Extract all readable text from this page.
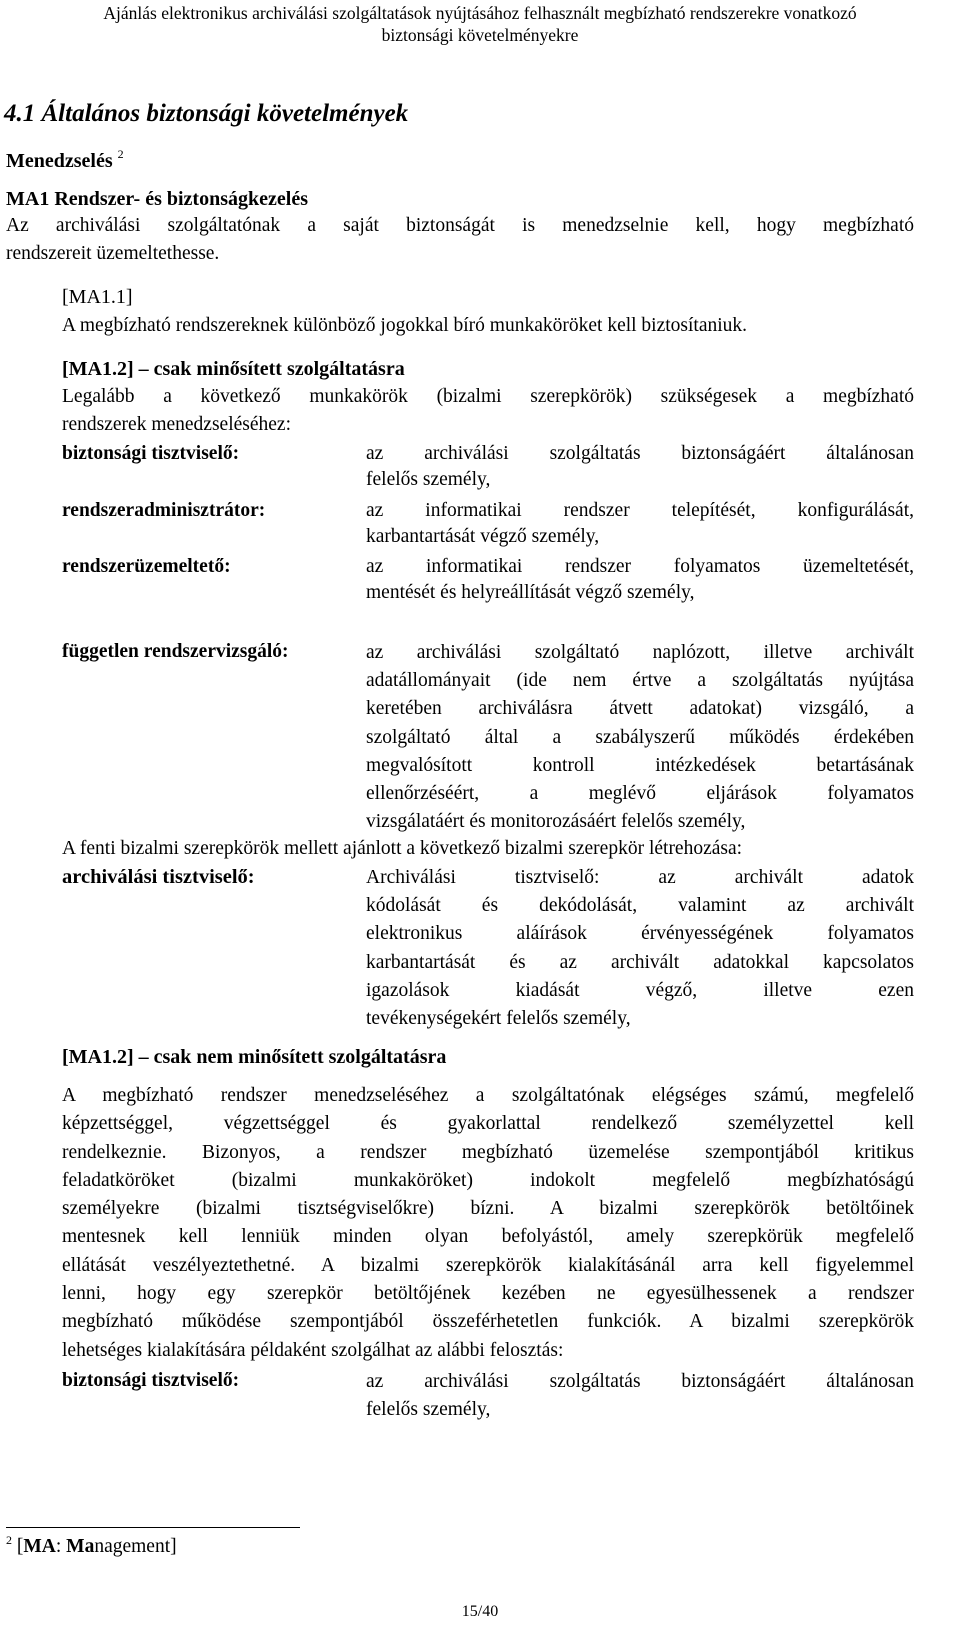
Ajánlás elektronikus archiválási szolgáltatások nyújtásához felhasznált megbízható rendszerekre vonatkozó
biztonsági követelményekre
4.1 Általános biztonsági követelmények
Menedzselés $^2$
MA1 Rendszer- és biztonságkezelés
Az archiválási szolgáltatónak a saját biztonságát is menedzselnie kell, hogy megbízható
rendszereit üzemeltethesse.
[MA1.1]
A megbízható rendszereknek különböző jogokkal bíró munkaköröket kell biztosítaniuk.
[MA1.2] – csak minősített szolgáltatásra
Legalább a következő munkakörök (bizalmi szerepkörök) szükségesek a megbízható
rendszerek menedzseléséhez:
biztonsági tisztviselő:	az archiválási szolgáltatás biztonságáért általánosan
felelős személy,
rendszeradminisztrátor:	az informatikai rendszer telepítését, konfigurálását,
karbantartását végző személy,
rendszerüzemeltető:	az informatikai rendszer folyamatos üzemeltetését,
mentését és helyreállítását végző személy,
független rendszervizsgáló:	az archiválási szolgáltató naplózott, illetve archivált
adatállományait (ide nem értve a szolgáltatás nyújtása
keretében archiválásra átvett adatokat) vizsgáló, a
szolgáltató által a szabályszerű működés érdekében
megvalósított kontroll intézkedések betartásának
ellenőrzéséért, a meglévő eljárások folyamatos
vizsgálatáért és monitorozásáért felelős személy,
A fenti bizalmi szerepkörök mellett ajánlott a következő bizalmi szerepkör létrehozása:
archiválási tisztviselő:	Archiválási tisztviselő: az archivált adatok
kódolását és dekódolását, valamint az archivált
elektronikus aláírások érvényességének folyamatos
karbantartását és az archivált adatokkal kapcsolatos
igazolások kiadását végző, illetve ezen
tevékenységekért felelős személy,
[MA1.2] – csak nem minősített szolgáltatásra
A megbízható rendszer menedzseléséhez a szolgáltatónak elégséges számú, megfelelő
képzettséggel, végzettséggel és gyakorlattal rendelkező személyzettel kell
rendelkeznie. Bizonyos, a rendszer megbízható üzemelése szempontjából kritikus
feladatköröket (bizalmi munkaköröket) indokolt megfelelő megbízhatóságú
személyekre (bizalmi tisztségviselőkre) bízni. A bizalmi szerepkörök betöltőinek
mentesnek kell lenniük minden olyan befolyástól, amely szerepkörük megfelelő
ellátását veszélyeztethetné. A bizalmi szerepkörök kialakításánál arra kell figyelemmel
lenni, hogy egy szerepkör betöltőjének kezében ne egyesülhessenek a rendszer
megbízható működése szempontjából összeférhetetlen funkciók. A bizalmi szerepkörök
lehetséges kialakítására példaként szolgálhat az alábbi felosztás:
biztonsági tisztviselő:	az archiválási szolgáltatás biztonságáért általánosan
felelős személy,
$^2$ [MA: Management]
15/40
